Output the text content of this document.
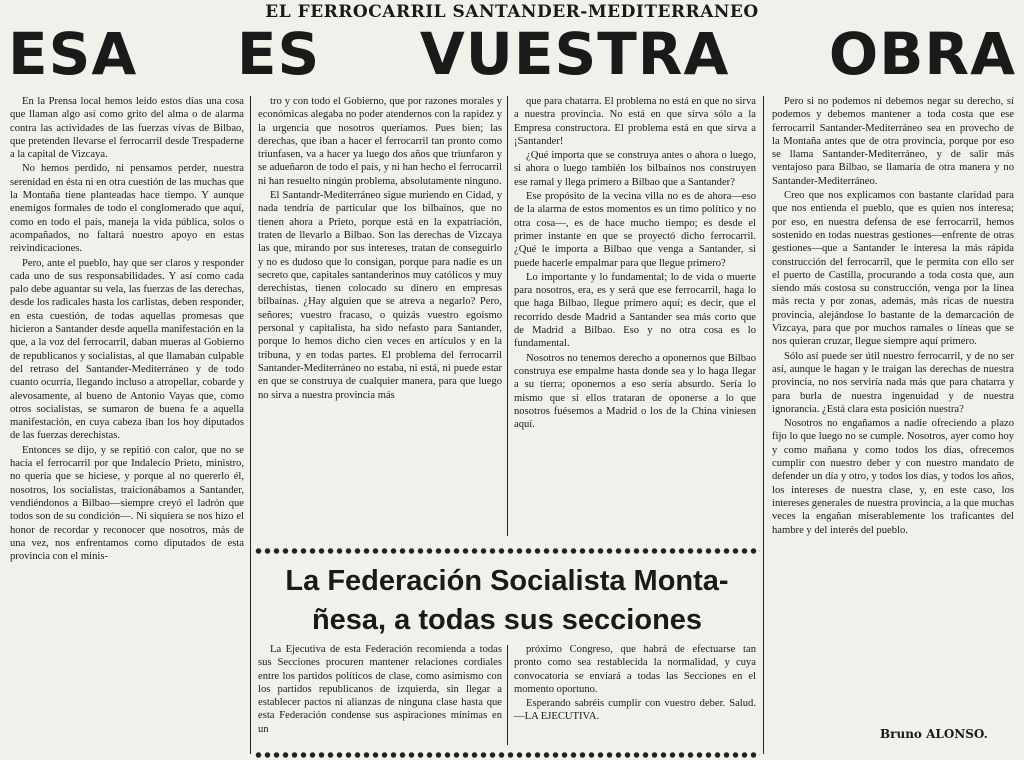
EL FERROCARRIL SANTANDER-MEDITERRANEO
ESA ES VUESTRA OBRA

En la Prensa local hemos leído estos días una cosa que llaman algo así como grito del alma o de alarma contra las actividades de las fuerzas vivas de Bilbao, que pretenden llevarse el ferrocarril desde Trespaderne a la capital de Vizcaya.

No hemos perdido, ni pensamos perder, nuestra serenidad en ésta ni en otra cuestión de las muchas que la Montaña tiene planteadas hace tiempo. Y aunque enemigos formales de todo el conglomerado que aquí, como en todo el país, maneja la vida pública, solos o acompañados, no faltará nuestro apoyo en estas reivindicaciones.

Pero, ante el pueblo, hay que ser claros y responder cada uno de sus responsabilidades. Y así como cada palo debe aguantar su vela, las fuerzas de las derechas, desde los radicales hasta los carlistas, deben responder, en esta cuestión, de todas aquellas promesas que hicieron a Santander desde aquella manifestación en la que, a la voz del ferrocarril, daban mueras al Gobierno de republicanos y socialistas, al que llamaban culpable del retraso del Santander-Mediterráneo y de todo cuanto ocurría, llegando incluso a atropellar, cobarde y alevosamente, al bueno de Antonio Vayas que, como otros socialistas, se sumaron de buena fe a aquella manifestación, en cuya cabeza iban los hoy diputados de las fuerzas derechistas.

Entonces se dijo, y se repitió con calor, que no se hacía el ferrocarril por que Indalecio Prieto, ministro, no quería que se hiciese, y porque al no quererlo él, nosotros, los socialistas, traicionábamos a Santander, vendiéndonos a Bilbao—siempre creyó el ladrón que todos son de su condición—. Ni siquiera se nos hizo el honor de recordar y reconocer que nosotros, más de una vez, nos enfrentamos como diputados de esta provincia con el minis-

tro y con todo el Gobierno, que por razones morales y económicas alegaba no poder atendernos con la rapidez y la urgencia que nosotros queríamos. Pues bien; las derechas, que iban a hacer el ferrocarril tan pronto como triunfasen, va a hacer ya luego dos años que triunfaron y se adueñaron de todo el país, y ni han hecho el ferrocarril ni han resuelto ningún problema, absolutamente ninguno.

El Santandr-Mediterráneo sigue muriendo en Cidad, y nada tendría de particular que los bilbaínos, que no tienen ahora a Prieto, porque está en la expatriación, traten de llevarlo a Bilbao. Son las derechas de Vizcaya las que, mirando por sus intereses, tratan de conseguirlo y no es dudoso que lo consigan, porque para nadie es un secreto que, capitales santanderinos muy católicos y muy derechistas, tienen colocado su dinero en empresas bilbaínas. ¿Hay alguien que se atreva a negarlo? Pero, señores; vuestro fracaso, o quizás vuestro egoísmo personal y capitalista, ha sido nefasto para Santander, porque lo hemos dicho cien veces en artículos y en la tribuna, y en todas partes. El problema del ferrocarril Santander-Mediterráneo no estaba, ni está, ni puede estar en que se construya de cualquier manera, para que luego no sirva a nuestra provincia más

que para chatarra. El problema no está en que no sirva a nuestra provincia. No está en que sirva sólo a la Empresa constructora. El problema está en que sirva a ¡Santander!

¿Qué importa que se construya antes o ahora o luego, si ahora o luego también los bilbaínos nos construyen ese ramal y llega primero a Bilbao que a Santander?

Ese propósito de la vecina villa no es de ahora—eso de la alarma de estos momentos es un timo político y no otra cosa—, es de hace mucho tiempo; es desde el primer instante en que se proyectó dicho ferrocarril. ¿Qué le importa a Bilbao que venga a Santander, si puede hacerle empalmar para que llegue primero?

Lo importante y lo fundamental; lo de vida o muerte para nosotros, era, es y será que ese ferrocarril, haga lo que haga Bilbao, llegue primero aquí; es decir, que el recorrido desde Madrid a Santander sea más corto que de Madrid a Bilbao. Eso y no otra cosa es lo fundamental.

Nosotros no tenemos derecho a oponernos que Bilbao construya ese empalme hasta donde sea y lo haga llegar a su tierra; oponernos a eso sería absurdo. Sería lo mismo que si ellos trataran de oponerse a lo que nosotros fuésemos a Madrid o los de la China viniesen aquí.

Pero si no podemos ni debemos negar su derecho, sí podemos y debemos mantener a toda costa que ese ferrocarril Santander-Mediterráneo sea en provecho de la Montaña antes que de otra provincia, porque por eso se llama Santander-Mediterráneo, y de salir más ventajoso para Bilbao, se llamaría de otra manera y no Santander-Mediterráneo.

Creo que nos explicamos con bastante claridad para que nos entienda el pueblo, que es quien nos interesa; por eso, en nuestra defensa de ese ferrocarril, hemos sostenido en todas nuestras gestiones—enfrente de otras gestiones—que a Santander le interesa la más rápida construcción del ferrocarril, que le permita con ello ser el puerto de Castilla, procurando a toda costa que, aun siendo más costosa su construcción, venga por la línea más recta y por zonas, además, más ricas de nuestra provincia, alejándose lo bastante de la demarcación de Vizcaya, para que por muchos ramales o líneas que se nos quieran cruzar, llegue siempre aquí primero.

Sólo así puede ser útil nuestro ferrocarril, y de no ser así, aunque le hagan y le traigan las derechas de nuestra provincia, no nos serviría nada más que para chatarra y para burla de nuestra ingenuidad y de nuestra ignorancia. ¿Está clara esta posición nuestra?

Nosotros no engañamos a nadie ofreciendo a plazo fijo lo que luego no se cumple. Nosotros, ayer como hoy y como mañana y como todos los días, ofrecemos cumplir con nuestro deber y con nuestro mandato de defender un día y otro, y todos los días, y todos los años, los intereses de nuestra clase, y, en este caso, los intereses generales de nuestra provincia, a la que muchas veces la engañan miserablemente los traficantes del hambre y del interés del pueblo.

La Federación Socialista Monta-
ñesa, a todas sus secciones

La Ejecutiva de esta Federación recomienda a todas sus Secciones procuren mantener relaciones cordiales entre los partidos políticos de clase, como asimismo con los partidos republicanos de izquierda, sin llegar a establecer pactos ni alianzas de ninguna clase hasta que esta Federación condense sus aspiraciones mínimas en un

próximo Congreso, que habrá de efectuarse tan pronto como sea restablecida la normalidad, y cuya convocatoria se enviará a todas las Secciones en el momento oportuno.

Esperando sabréis cumplir con vuestro deber. Salud.—LA EJECUTIVA.

Bruno ALONSO.
